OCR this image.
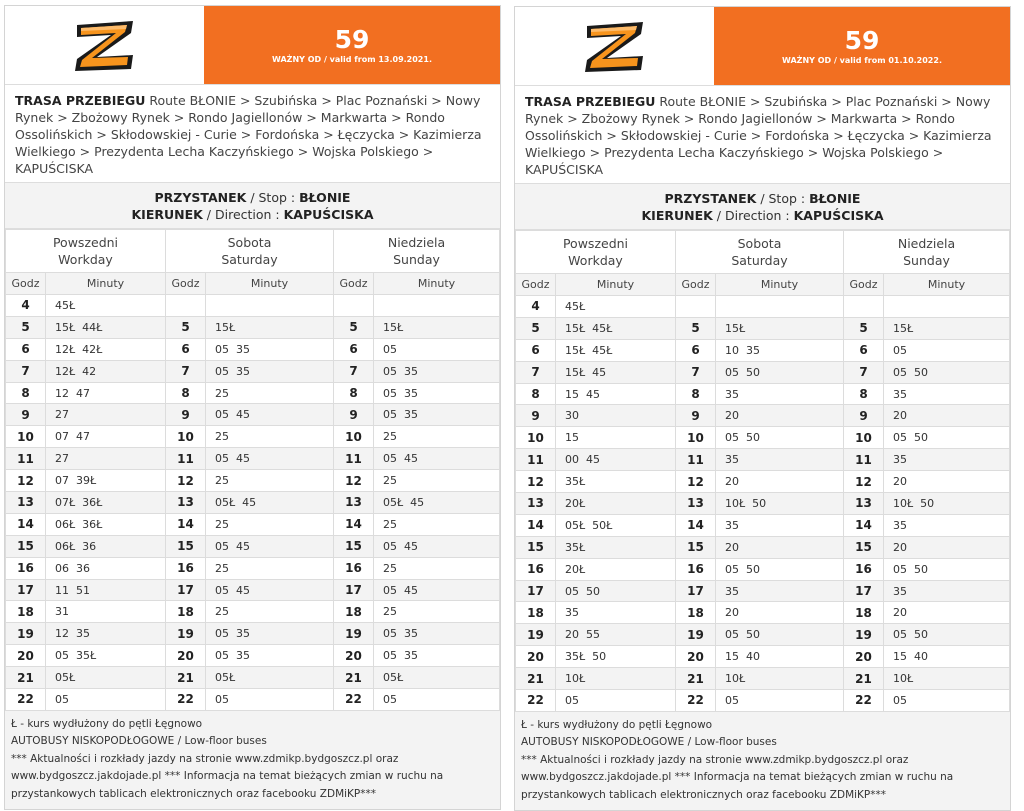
59
WAŻNY OD / valid from 13.09.2021.
TRASA PRZEBIEGU Route BŁONIE > Szubińska > Plac Poznański > Nowy Rynek > Zbożowy Rynek > Rondo Jagiellonów > Markwarta > Rondo Ossolińskich > Skłodowskiej - Curie > Fordońska > Łęczycka > Kazimierza Wielkiego > Prezydenta Lecha Kaczyńskiego > Wojska Polskiego > KAPUŚCISKA
PRZYSTANEK / Stop : BŁONIE
KIERUNEK / Direction : KAPUŚCISKA
Powszedni
Workday		Sobota
Saturday		Niedziela
Sunday	
Godz	Minuty	Godz	Minuty	Godz	Minuty
4	45Ł				
5	15Ł  44Ł	5	15Ł	5	15Ł
6	12Ł  42Ł	6	05  35	6	05
7	12Ł  42	7	05  35	7	05  35
8	12  47	8	25	8	05  35
9	27	9	05  45	9	05  35
10	07  47	10	25	10	25
11	27	11	05  45	11	05  45
12	07  39Ł	12	25	12	25
13	07Ł  36Ł	13	05Ł  45	13	05Ł  45
14	06Ł  36Ł	14	25	14	25
15	06Ł  36	15	05  45	15	05  45
16	06  36	16	25	16	25
17	11  51	17	05  45	17	05  45
18	31	18	25	18	25
19	12  35	19	05  35	19	05  35
20	05  35Ł	20	05  35	20	05  35
21	05Ł	21	05Ł	21	05Ł
22	05	22	05	22	05
Ł - kurs wydłużony do pętli Łęgnowo
AUTOBUSY NISKOPODŁOGOWE / Low-floor buses
*** Aktualności i rozkłady jazdy na stronie www.zdmikp.bydgoszcz.pl oraz
www.bydgoszcz.jakdojade.pl *** Informacja na temat bieżących zmian w ruchu na
przystankowych tablicach elektronicznych oraz facebooku ZDMiKP***
59
WAŻNY OD / valid from 01.10.2022.
TRASA PRZEBIEGU Route BŁONIE > Szubińska > Plac Poznański > Nowy Rynek > Zbożowy Rynek > Rondo Jagiellonów > Markwarta > Rondo Ossolińskich > Skłodowskiej - Curie > Fordońska > Łęczycka > Kazimierza Wielkiego > Prezydenta Lecha Kaczyńskiego > Wojska Polskiego > KAPUŚCISKA
PRZYSTANEK / Stop : BŁONIE
KIERUNEK / Direction : KAPUŚCISKA
Powszedni
Workday		Sobota
Saturday		Niedziela
Sunday	
Godz	Minuty	Godz	Minuty	Godz	Minuty
4	45Ł				
5	15Ł  45Ł	5	15Ł	5	15Ł
6	15Ł  45Ł	6	10  35	6	05
7	15Ł  45	7	05  50	7	05  50
8	15  45	8	35	8	35
9	30	9	20	9	20
10	15	10	05  50	10	05  50
11	00  45	11	35	11	35
12	35Ł	12	20	12	20
13	20Ł	13	10Ł  50	13	10Ł  50
14	05Ł  50Ł	14	35	14	35
15	35Ł	15	20	15	20
16	20Ł	16	05  50	16	05  50
17	05  50	17	35	17	35
18	35	18	20	18	20
19	20  55	19	05  50	19	05  50
20	35Ł  50	20	15  40	20	15  40
21	10Ł	21	10Ł	21	10Ł
22	05	22	05	22	05
Ł - kurs wydłużony do pętli Łęgnowo
AUTOBUSY NISKOPODŁOGOWE / Low-floor buses
*** Aktualności i rozkłady jazdy na stronie www.zdmikp.bydgoszcz.pl oraz
www.bydgoszcz.jakdojade.pl *** Informacja na temat bieżących zmian w ruchu na
przystankowych tablicach elektronicznych oraz facebooku ZDMiKP***
